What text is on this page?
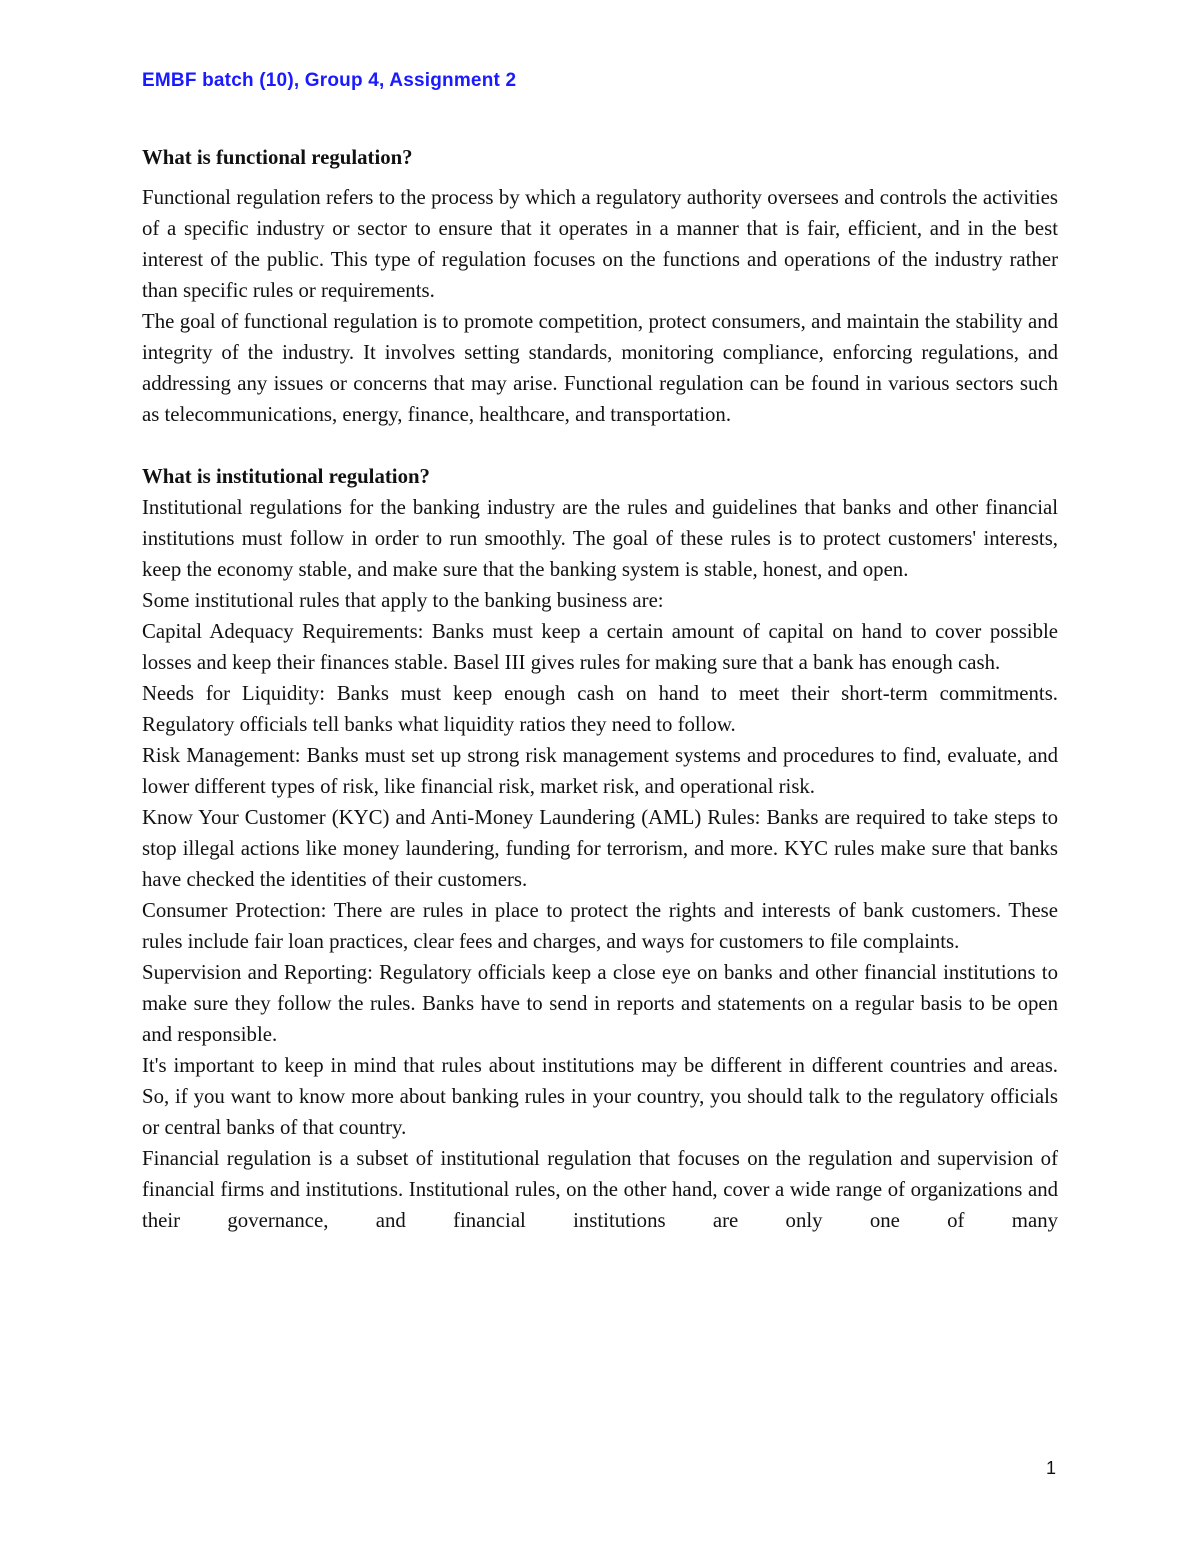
EMBF batch (10), Group 4, Assignment 2
What is functional regulation?

Functional regulation refers to the process by which a regulatory authority oversees and controls the activities of a specific industry or sector to ensure that it operates in a manner that is fair, efficient, and in the best interest of the public. This type of regulation focuses on the functions and operations of the industry rather than specific rules or requirements.

The goal of functional regulation is to promote competition, protect consumers, and maintain the stability and integrity of the industry. It involves setting standards, monitoring compliance, enforcing regulations, and addressing any issues or concerns that may arise. Functional regulation can be found in various sectors such as telecommunications, energy, finance, healthcare, and transportation.

What is institutional regulation?

Institutional regulations for the banking industry are the rules and guidelines that banks and other financial institutions must follow in order to run smoothly. The goal of these rules is to protect customers' interests, keep the economy stable, and make sure that the banking system is stable, honest, and open.

Some institutional rules that apply to the banking business are:

Capital Adequacy Requirements: Banks must keep a certain amount of capital on hand to cover possible losses and keep their finances stable. Basel III gives rules for making sure that a bank has enough cash.

Needs for Liquidity: Banks must keep enough cash on hand to meet their short-term commitments. Regulatory officials tell banks what liquidity ratios they need to follow.

Risk Management: Banks must set up strong risk management systems and procedures to find, evaluate, and lower different types of risk, like financial risk, market risk, and operational risk.

Know Your Customer (KYC) and Anti-Money Laundering (AML) Rules: Banks are required to take steps to stop illegal actions like money laundering, funding for terrorism, and more. KYC rules make sure that banks have checked the identities of their customers.

Consumer Protection: There are rules in place to protect the rights and interests of bank customers. These rules include fair loan practices, clear fees and charges, and ways for customers to file complaints.

Supervision and Reporting: Regulatory officials keep a close eye on banks and other financial institutions to make sure they follow the rules. Banks have to send in reports and statements on a regular basis to be open and responsible.

It's important to keep in mind that rules about institutions may be different in different countries and areas. So, if you want to know more about banking rules in your country, you should talk to the regulatory officials or central banks of that country.

Financial regulation is a subset of institutional regulation that focuses on the regulation and supervision of financial firms and institutions. Institutional rules, on the other hand, cover a wide range of organizations and their governance, and financial institutions are only one of many

1
